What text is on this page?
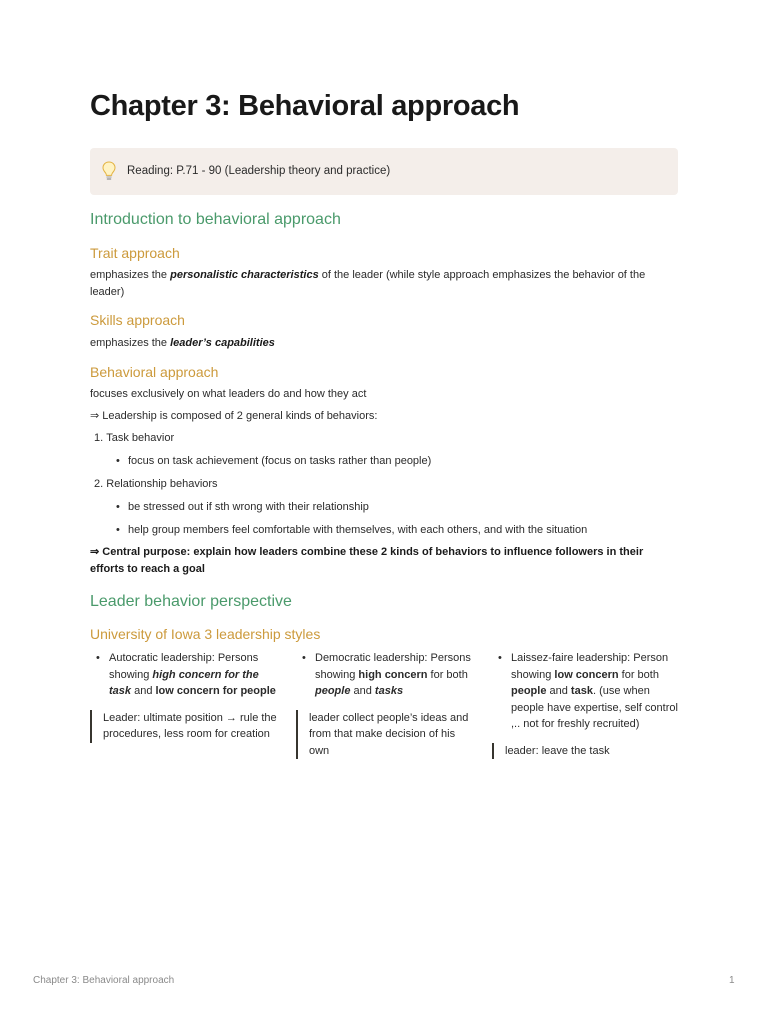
Chapter 3: Behavioral approach
Reading: P.71 - 90 (Leadership theory and practice)
Introduction to behavioral approach
Trait approach

emphasizes the personalistic characteristics of the leader (while style approach emphasizes the behavior of the leader)

Skills approach

emphasizes the leader’s capabilities

Behavioral approach

focuses exclusively on what leaders do and how they act

⇒ Leadership is composed of 2 general kinds of behaviors:

1. Task behavior
• focus on task achievement (focus on tasks rather than people)
2. Relationship behaviors
• be stressed out if sth wrong with their relationship
• help group members feel comfortable with themselves, with each others, and with the situation

⇒ Central purpose: explain how leaders combine these 2 kinds of behaviors to influence followers in their efforts to reach a goal

Leader behavior perspective
University of Iowa 3 leadership styles
• Autocratic leadership: Persons showing high concern for the task and low concern for people
Leader: ultimate position → rule the procedures, less room for creation
• Democratic leadership: Persons showing high concern for both people and tasks
leader collect people’s ideas and from that make decision of his own
• Laissez-faire leadership: Person showing low concern for both people and task. (use when people have expertise, self control ,.. not for freshly recruited)
leader: leave the task
Chapter 3: Behavioral approach	1
